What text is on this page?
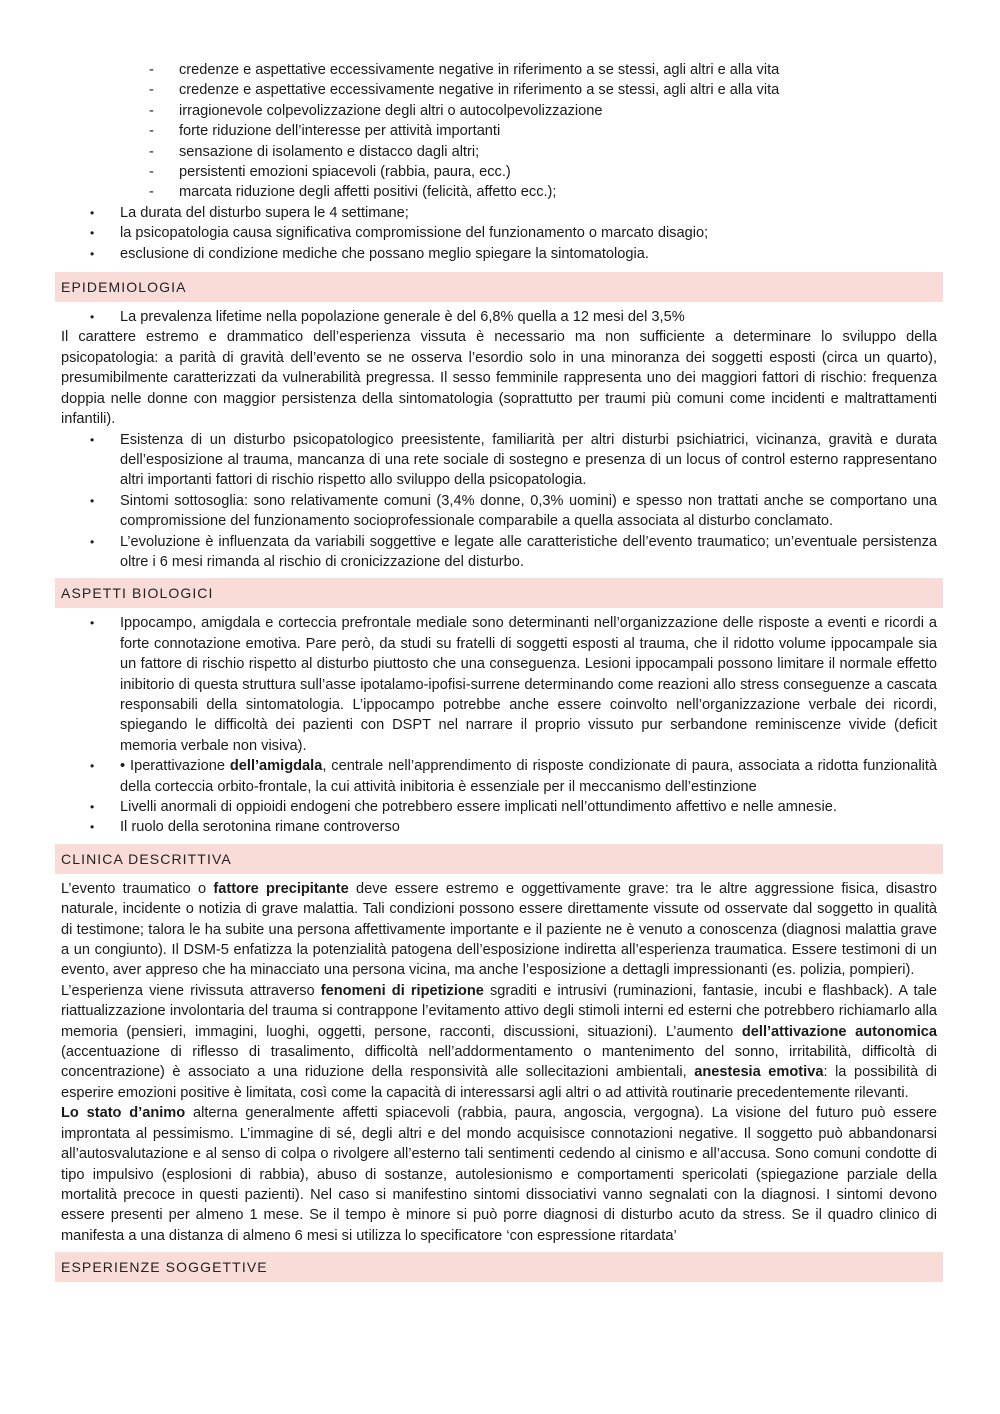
- credenze e aspettative eccessivamente negative in riferimento a se stessi, agli altri e alla vita
- credenze e aspettative eccessivamente negative in riferimento a se stessi, agli altri e alla vita
- irragionevole colpevolizzazione degli altri o autocolpevolizzazione
- forte riduzione dell’interesse per attività importanti
- sensazione di isolamento e distacco dagli altri;
- persistenti emozioni spiacevoli (rabbia, paura, ecc.)
- marcata riduzione degli affetti positivi (felicità, affetto ecc.);
• La durata del disturbo supera le 4 settimane;
• la psicopatologia causa significativa compromissione del funzionamento o marcato disagio;
• esclusione di condizione mediche che possano meglio spiegare la sintomatologia.
EPIDEMIOLOGIA
• La prevalenza lifetime nella popolazione generale è del 6,8% quella a 12 mesi del 3,5%

Il carattere estremo e drammatico dell’esperienza vissuta è necessario ma non sufficiente a determinare lo sviluppo della psicopatologia: a parità di gravità dell’evento se ne osserva l’esordio solo in una minoranza dei soggetti esposti (circa un quarto), presumibilmente caratterizzati da vulnerabilità pregressa. Il sesso femminile rappresenta uno dei maggiori fattori di rischio: frequenza doppia nelle donne con maggior persistenza della sintomatologia (soprattutto per traumi più comuni come incidenti e maltrattamenti infantili).

• Esistenza di un disturbo psicopatologico preesistente, familiarità per altri disturbi psichiatrici, vicinanza, gravità e durata dell’esposizione al trauma, mancanza di una rete sociale di sostegno e presenza di un locus of control esterno rappresentano altri importanti fattori di rischio rispetto allo sviluppo della psicopatologia.
• Sintomi sottosoglia: sono relativamente comuni (3,4% donne, 0,3% uomini) e spesso non trattati anche se comportano una compromissione del funzionamento socioprofessionale comparabile a quella associata al disturbo conclamato.
• L’evoluzione è influenzata da variabili soggettive e legate alle caratteristiche dell’evento traumatico; un’eventuale persistenza oltre i 6 mesi rimanda al rischio di cronicizzazione del disturbo.
ASPETTI BIOLOGICI
• Ippocampo, amigdala e corteccia prefrontale mediale sono determinanti nell’organizzazione delle risposte a eventi e ricordi a forte connotazione emotiva. Pare però, da studi su fratelli di soggetti esposti al trauma, che il ridotto volume ippocampale sia un fattore di rischio rispetto al disturbo piuttosto che una conseguenza. Lesioni ippocampali possono limitare il normale effetto inibitorio di questa struttura sull’asse ipotalamo-ipofisi-surrene determinando come reazioni allo stress conseguenze a cascata responsabili della sintomatologia. L’ippocampo potrebbe anche essere coinvolto nell’organizzazione verbale dei ricordi, spiegando le difficoltà dei pazienti con DSPT nel narrare il proprio vissuto pur serbandone reminiscenze vivide (deficit memoria verbale non visiva).
• • Iperattivazione dell’amigdala, centrale nell’apprendimento di risposte condizionate di paura, associata a ridotta funzionalità della corteccia orbito-frontale, la cui attività inibitoria è essenziale per il meccanismo dell’estinzione
• Livelli anormali di oppioidi endogeni che potrebbero essere implicati nell’ottundimento affettivo e nelle amnesie.
• Il ruolo della serotonina rimane controverso
CLINICA DESCRITTIVA

L’evento traumatico o fattore precipitante deve essere estremo e oggettivamente grave: tra le altre aggressione fisica, disastro naturale, incidente o notizia di grave malattia. Tali condizioni possono essere direttamente vissute od osservate dal soggetto in qualità di testimone; talora le ha subite una persona affettivamente importante e il paziente ne è venuto a conoscenza (diagnosi malattia grave a un congiunto). Il DSM-5 enfatizza la potenzialità patogena dell’esposizione indiretta all’esperienza traumatica. Essere testimoni di un evento, aver appreso che ha minacciato una persona vicina, ma anche l’esposizione a dettagli impressionanti (es. polizia, pompieri).

L’esperienza viene rivissuta attraverso fenomeni di ripetizione sgraditi e intrusivi (ruminazioni, fantasie, incubi e flashback). A tale riattualizzazione involontaria del trauma si contrappone l’evitamento attivo degli stimoli interni ed esterni che potrebbero richiamarlo alla memoria (pensieri, immagini, luoghi, oggetti, persone, racconti, discussioni, situazioni). L’aumento dell’attivazione autonomica (accentuazione di riflesso di trasalimento, difficoltà nell’addormentamento o mantenimento del sonno, irritabilità, difficoltà di concentrazione) è associato a una riduzione della responsività alle sollecitazioni ambientali, anestesia emotiva: la possibilità di esperire emozioni positive è limitata, così come la capacità di interessarsi agli altri o ad attività routinarie precedentemente rilevanti.

Lo stato d’animo alterna generalmente affetti spiacevoli (rabbia, paura, angoscia, vergogna). La visione del futuro può essere improntata al pessimismo. L’immagine di sé, degli altri e del mondo acquisisce connotazioni negative. Il soggetto può abbandonarsi all’autosvalutazione e al senso di colpa o rivolgere all’esterno tali sentimenti cedendo al cinismo e all’accusa. Sono comuni condotte di tipo impulsivo (esplosioni di rabbia), abuso di sostanze, autolesionismo e comportamenti spericolati (spiegazione parziale della mortalità precoce in questi pazienti). Nel caso si manifestino sintomi dissociativi vanno segnalati con la diagnosi. I sintomi devono essere presenti per almeno 1 mese. Se il tempo è minore si può porre diagnosi di disturbo acuto da stress. Se il quadro clinico di manifesta a una distanza di almeno 6 mesi si utilizza lo specificatore ‘con espressione ritardata’

ESPERIENZE SOGGETTIVE
